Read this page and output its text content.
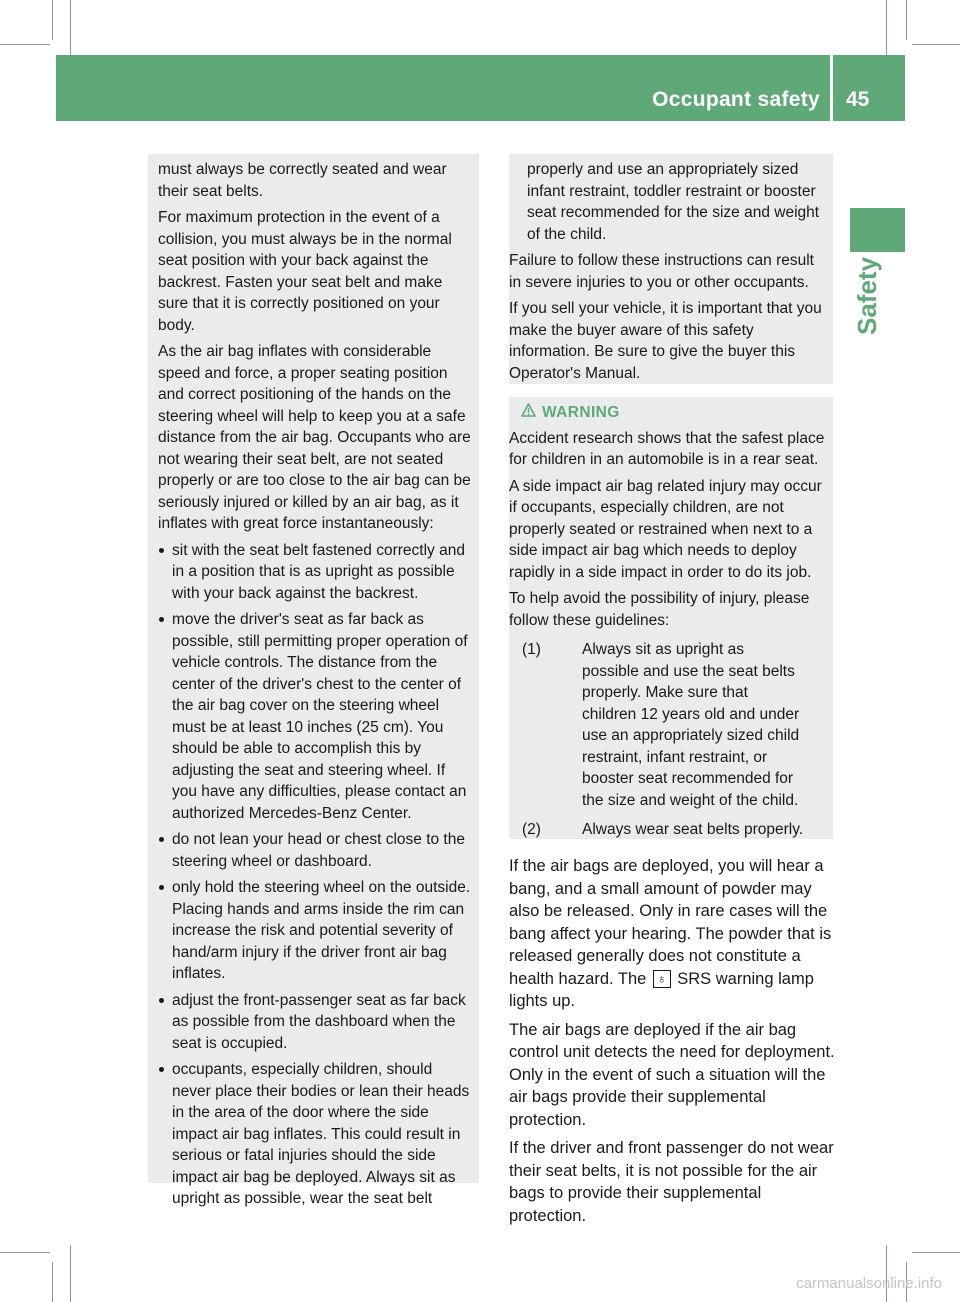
Occupant safety 45
Safety

must always be correctly seated and wear their seat belts.

For maximum protection in the event of a collision, you must always be in the normal seat position with your back against the backrest. Fasten your seat belt and make sure that it is correctly positioned on your body.

As the air bag inflates with considerable speed and force, a proper seating position and correct positioning of the hands on the steering wheel will help to keep you at a safe distance from the air bag. Occupants who are not wearing their seat belt, are not seated properly or are too close to the air bag can be seriously injured or killed by an air bag, as it inflates with great force instantaneously:

sit with the seat belt fastened correctly and in a position that is as upright as possible with your back against the backrest.
move the driver's seat as far back as possible, still permitting proper operation of vehicle controls. The distance from the center of the driver's chest to the center of the air bag cover on the steering wheel must be at least 10 inches (25 cm). You should be able to accomplish this by adjusting the seat and steering wheel. If you have any difficulties, please contact an authorized Mercedes-Benz Center.
do not lean your head or chest close to the steering wheel or dashboard.
only hold the steering wheel on the outside. Placing hands and arms inside the rim can increase the risk and potential severity of hand/arm injury if the driver front air bag inflates.
adjust the front-passenger seat as far back as possible from the dashboard when the seat is occupied.
occupants, especially children, should never place their bodies or lean their heads in the area of the door where the side impact air bag inflates. This could result in serious or fatal injuries should the side impact air bag be deployed. Always sit as upright as possible, wear the seat belt

properly and use an appropriately sized infant restraint, toddler restraint or booster seat recommended for the size and weight of the child.

Failure to follow these instructions can result in severe injuries to you or other occupants.

If you sell your vehicle, it is important that you make the buyer aware of this safety information. Be sure to give the buyer this Operator's Manual.

WARNING

Accident research shows that the safest place for children in an automobile is in a rear seat.

A side impact air bag related injury may occur if occupants, especially children, are not properly seated or restrained when next to a side impact air bag which needs to deploy rapidly in a side impact in order to do its job.

To help avoid the possibility of injury, please follow these guidelines:

(1)	Always sit as upright as possible and use the seat belts properly. Make sure that children 12 years old and under use an appropriately sized child restraint, infant restraint, or booster seat recommended for the size and weight of the child.
(2)	Always wear seat belts properly.

If the air bags are deployed, you will hear a bang, and a small amount of powder may also be released. Only in rare cases will the bang affect your hearing. The powder that is released generally does not constitute a health hazard. The ♁ SRS warning lamp lights up.

The air bags are deployed if the air bag control unit detects the need for deployment. Only in the event of such a situation will the air bags provide their supplemental protection.

If the driver and front passenger do not wear their seat belts, it is not possible for the air bags to provide their supplemental protection.

carmanualsonline.info
